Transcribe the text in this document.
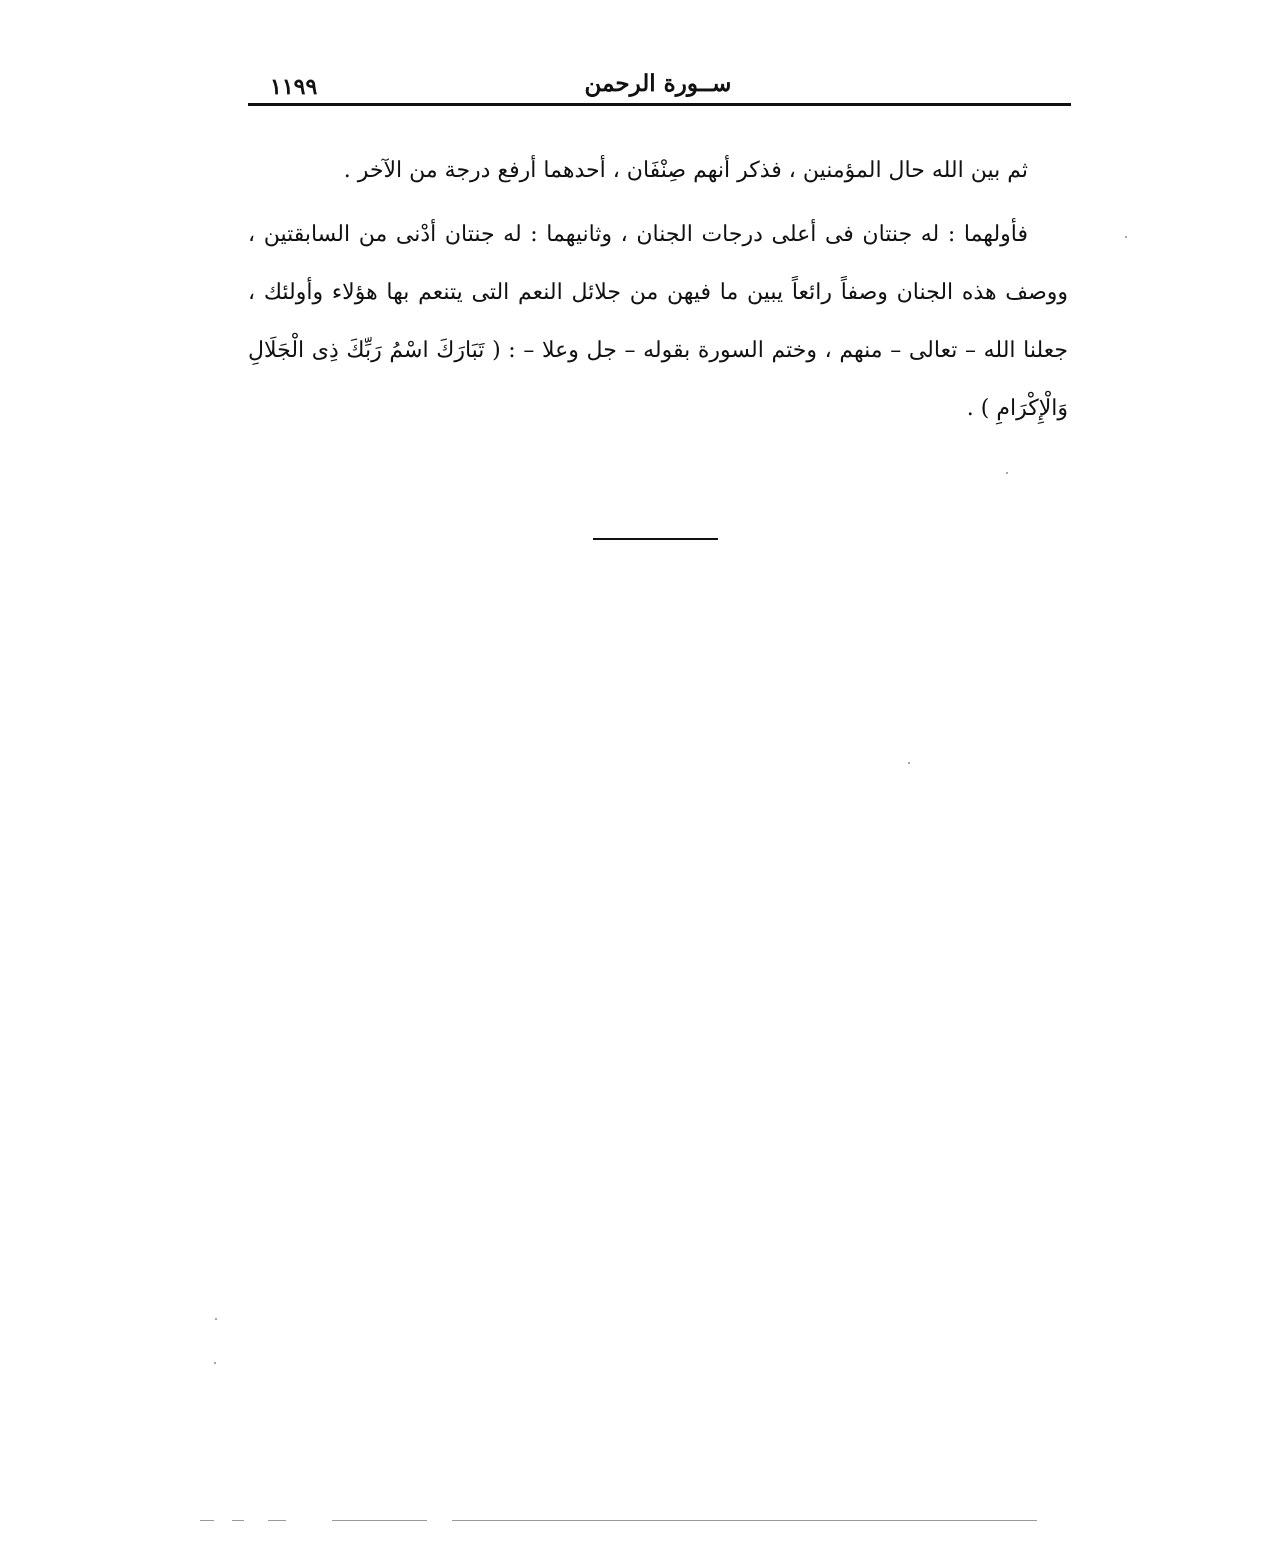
١١٩٩	ســورة الرحمن

ثم بين الله حال المؤمنين ، فذكر أنهم صِنْفَان ، أحدهما أرفع درجة من الآخر .

فأولهما : له جنتان فى أعلى درجات الجنان ، وثانيهما : له جنتان أدْنى من السابقتين ، ووصف هذه الجنان وصفاً رائعاً يبين ما فيهن من جلائل النعم التى يتنعم بها هؤلاء وأولئك ، جعلنا الله – تعالى – منهم ، وختم السورة بقوله – جل وعلا – : ( تَبَارَكَ اسْمُ رَبِّكَ ذِى الْجَلَالِ وَالْإِكْرَامِ ) .
